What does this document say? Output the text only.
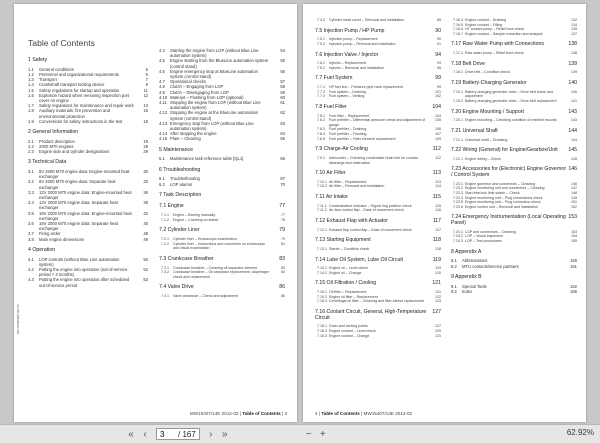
Table of Contents
1 Safety
1.1	General conditions	5
1.2	Personnel and organizational requirements	6
1.3	Transport	7
1.4	Crankshaft transport locking device	8
1.5	Safety regulations for startup and operation	11
1.6	Explosion hazard when removing inspection port cover on engine
12
1.7	Safety regulations for maintenance and repair work	13
1.8	Auxiliary materials, fire prevention and environmental protection
16
1.9	Conventions for safety instructions in the text	18
2 General Information
2.1	Product description	19
2.2	2000 M70 engines	28
2.3	Engine side and cylinder designations	29
3 Technical Data
3.1	8V 2000 M70 engine data: Engine-mounted heat exchanger
30
3.2	8V 2000 M70 engine data: Separate heat exchanger
33
3.3	12V 2000 M70 engine data: Engine-mounted heat exchanger
36
3.4	12V 2000 M70 engine data: Separate heat exchanger
39
3.5	16V 2000 M70 engine data: Engine-mounted heat exchanger
42
3.6	16V 2000 M70 engine data: Separate heat exchanger
45
3.7	Firing order	48
3.8	Main engine dimensions	49
4 Operation
4.1	LOP controls (without Blue Line automation system)
50
4.2	Putting the engine into operation (out-of-service-period > 3 months)
52
4.3	Putting the engine into operation after scheduled out-of-service period
53
4.4	Starting the engine from LOP (without Blue Line automation system)
54
4.5	Engine starting from the BlueLine automation system (control stand)
55
4.6	Engine emergency stop at BlueLine automation system (control stand)
56
4.7	Operational checks	57
4.8	Clutch – Engaging from LOP	58
4.9	Clutch – Disengaging from LOP	59
4.10 Waterjet – Flushing from LOP (optional)	60
4.11 Stopping the engine from LOP (without Blue Line automation system)
61
4.12 Stopping the engine at the BlueLine automation system (control stand)
62
4.13 Emergency stop from LOP (without Blue Line automation system)
63
4.14 After stopping the engine	64
4.15 Plant – Cleaning	65
5 Maintenance
5.1	Maintenance task reference table [QL1]	66
6 Troubleshooting
6.1	Troubleshooting	67
6.2	LOP alarms	70
7 Task Description
7.1 Engine	77
7.1.1	Engine – Barring manually	77
7.1.2	Engine – Cranking on starter	78
7.2 Cylinder Liner	79
7.2.1	Cylinder liner – Endoscopic examination	79
7.2.2	Cylinder liner – Instructions and comments on endoscopic and visual examination
81
7.3 Crankcase Breather	83
7.3.1	Crankcase breather – Cleaning oil separator element	83
7.3.2	Crankcase breather – Oil separator replacement, diaphragm check and replacement
84
7.4 Valve Drive	86
7.4.1	Valve clearance – Check and adjustment	86
TOC-00000000-001.fm
MW15407/14E 2012-02 | Table of Contents | 3
7.4.2	Cylinder head cover – Removal and installation	89
7.5 Injection Pump / HP Pump	90
7.5.1	Injection pump – Replacement	90
7.5.2	Injection pump – Removal and installation	91
7.6 Injection Valve / Injector	94
7.6.1	Injector – Replacement	94
7.6.2	Injector – Removal and installation	95
7.7 Fuel System	99
7.7.1	HP fuel line – Pressure pipe neck replacement	99
7.7.2	Fuel system – Draining	101
7.7.3	Fuel system – Venting	102
7.8 Fuel Filter	104
7.8.1	Fuel filter – Replacement	104
7.8.2	Fuel prefilter – Differential pressure check and adjustment of gauge
105
7.8.3	Fuel prefilter – Draining	106
7.8.4	Fuel prefilter – Flushing	107
7.8.5	Fuel prefilter – Filter element replacement	109
7.9 Charge-Air Cooling	112
7.9.1	Intercooler – Checking condensate drain line for coolant discharge and obstruction
112
7.10 Air Filter	113
7.10.1 Air filter – Replacement	113
7.10.2 Air filter – Removal and installation	114
7.11 Air Intake	115
7.11.1 Contamination indicator – Signal ring position check	115
7.11.2 Air-flow control flap – Ease of movement check	116
7.12 Exhaust Flap with Actuator	117
7.12.1 Exhaust flap control flap – Ease of movement check	117
7.13 Starting Equipment	118
7.13.1 Starter – Condition check	118
7.14 Lube Oil System, Lube Oil Circuit	119
7.14.1 Engine oil – Level check	119
7.14.2 Engine oil – Change	120
7.15 Oil Filtration / Cooling	121
7.15.1 Oil filter – Replacement	121
7.15.2 Engine oil filter – Replacement	122
7.15.3 Centrifugal oil filter – Cleaning and filter-sleeve replacement	123
7.16 Coolant Circuit, General, High-Temperature Circuit
127
7.16.1 Drain and venting points	127
7.16.2 Engine coolant – Level check	129
7.16.3 Engine coolant – Change	131
7.16.4 Engine coolant – Draining	132
7.16.5 Engine coolant – Filling	134
7.16.6 HT coolant pump – Relief bore check	135
7.16.7 Engine coolant – Sample extraction and analysis	137
7.17 Raw Water Pump with Connections	138
7.17.1 Raw water pump – Relief bore check	138
7.18 Belt Drive	139
7.18.1 Drive belt – Condition check	139
7.19 Battery-Charging Generator	140
7.19.1 Battery-charging generator drive – Drive belt check and adjustment
140
7.19.2 Battery-charging generator drive – Drive belt replacement	141
7.20 Engine Mounting / Support	143
7.20.1 Engine mounting – Checking condition of resilient mounts	143
7.21 Universal Shaft	144
7.21.1 Universal shaft – Greasing	144
7.22 Wiring (General) for Engine/Gearbox/Unit	145
7.22.1 Engine wiring – Check	145
7.23 Accessories for (Electronic) Engine Governor / Control System
146
7.23.1 Engine governor and connectors – Cleaning	146
7.23.2 Engine monitoring unit and connectors – Cleaning	147
7.23.3 Start interlock limit switch – Check	148
7.23.4 Engine monitoring unit – Plug connections check	149
7.23.5 Engine monitoring unit – Plug connection check	151
7.23.6 Engine control unit – Removal and installation	152
7.24 Emergency Instrumentation (Local Operating Panel)
153
7.24.1 LOP and connectors – Cleaning	153
7.24.2 LOP – Visual inspection	154
7.24.3 LOP – Test procedures	155
8 Appendix A
8.1	Abbreviations	158
8.2	MTU contacts/service partners	161
9 Appendix B
9.1	Special Tools	162
9.2	Index	166
4 | Table of Contents | MW15407/14E 2012-02
« ‹
3	/ 167	› »	− +	62.92%
